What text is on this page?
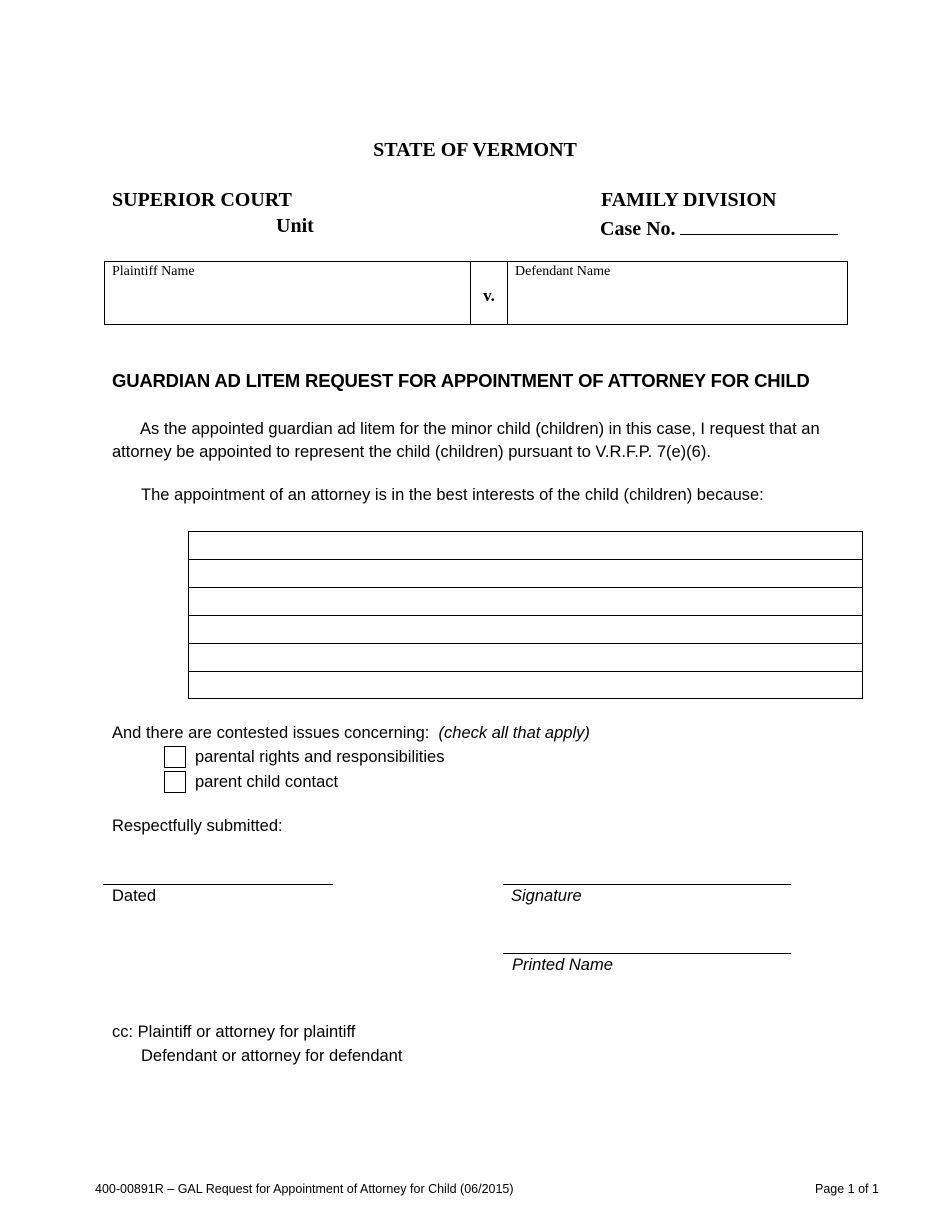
STATE OF VERMONT
SUPERIOR COURT
Unit
FAMILY DIVISION
Case No.
Plaintiff Name
v.
Defendant Name
GUARDIAN AD LITEM REQUEST FOR APPOINTMENT OF ATTORNEY FOR CHILD
As the appointed guardian ad litem for the minor child (children) in this case, I request that an attorney be appointed to represent the child (children) pursuant to V.R.F.P. 7(e)(6).
The appointment of an attorney is in the best interests of the child (children) because:
And there are contested issues concerning: (check all that apply)
parental rights and responsibilities
parent child contact
Respectfully submitted:
Dated	Signature
Printed Name
cc: Plaintiff or attorney for plaintiff
Defendant or attorney for defendant
400-00891R – GAL Request for Appointment of Attorney for Child (06/2015)	Page 1 of 1
